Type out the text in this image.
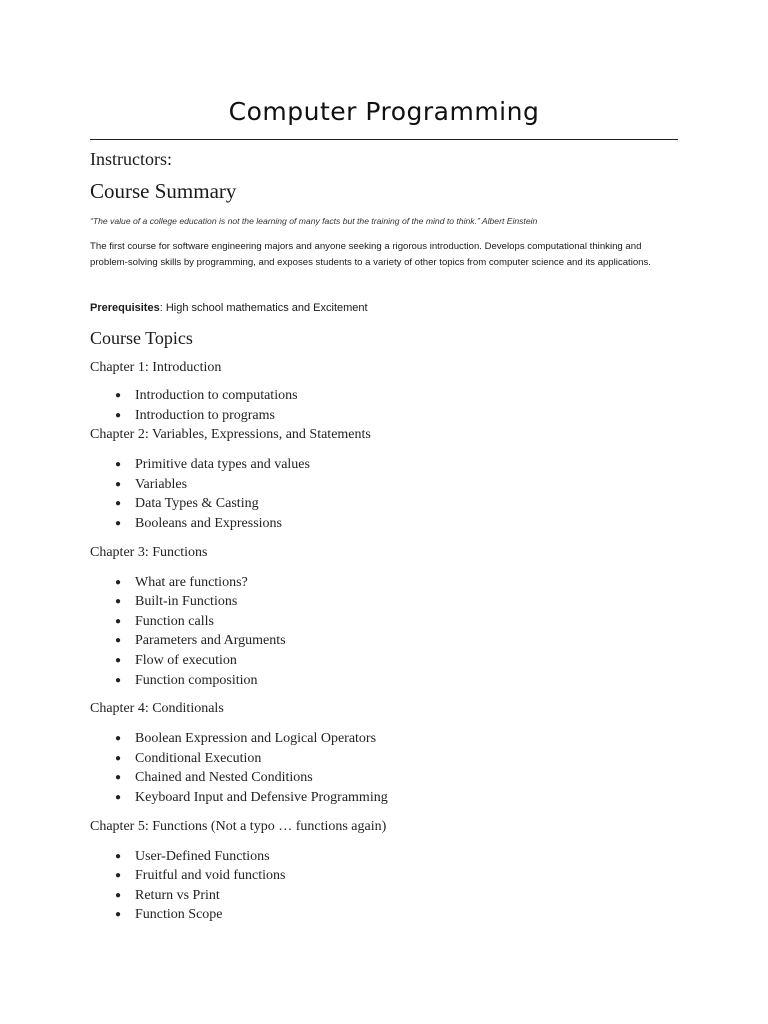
Computer Programming
Instructors:
Course Summary

“The value of a college education is not the learning of many facts but the training of the mind to think.” Albert Einstein

The first course for software engineering majors and anyone seeking a rigorous introduction. Develops computational thinking and problem-solving skills by programming, and exposes students to a variety of other topics from computer science and its applications.

Prerequisites: High school mathematics and Excitement

Course Topics

Chapter 1: Introduction

● Introduction to computations
● Introduction to programs

Chapter 2: Variables, Expressions, and Statements

● Primitive data types and values
● Variables
● Data Types & Casting
● Booleans and Expressions

Chapter 3: Functions

● What are functions?
● Built-in Functions
● Function calls
● Parameters and Arguments
● Flow of execution
● Function composition

Chapter 4: Conditionals

● Boolean Expression and Logical Operators
● Conditional Execution
● Chained and Nested Conditions
● Keyboard Input and Defensive Programming

Chapter 5: Functions (Not a typo … functions again)

● User-Defined Functions
● Fruitful and void functions
● Return vs Print
● Function Scope
